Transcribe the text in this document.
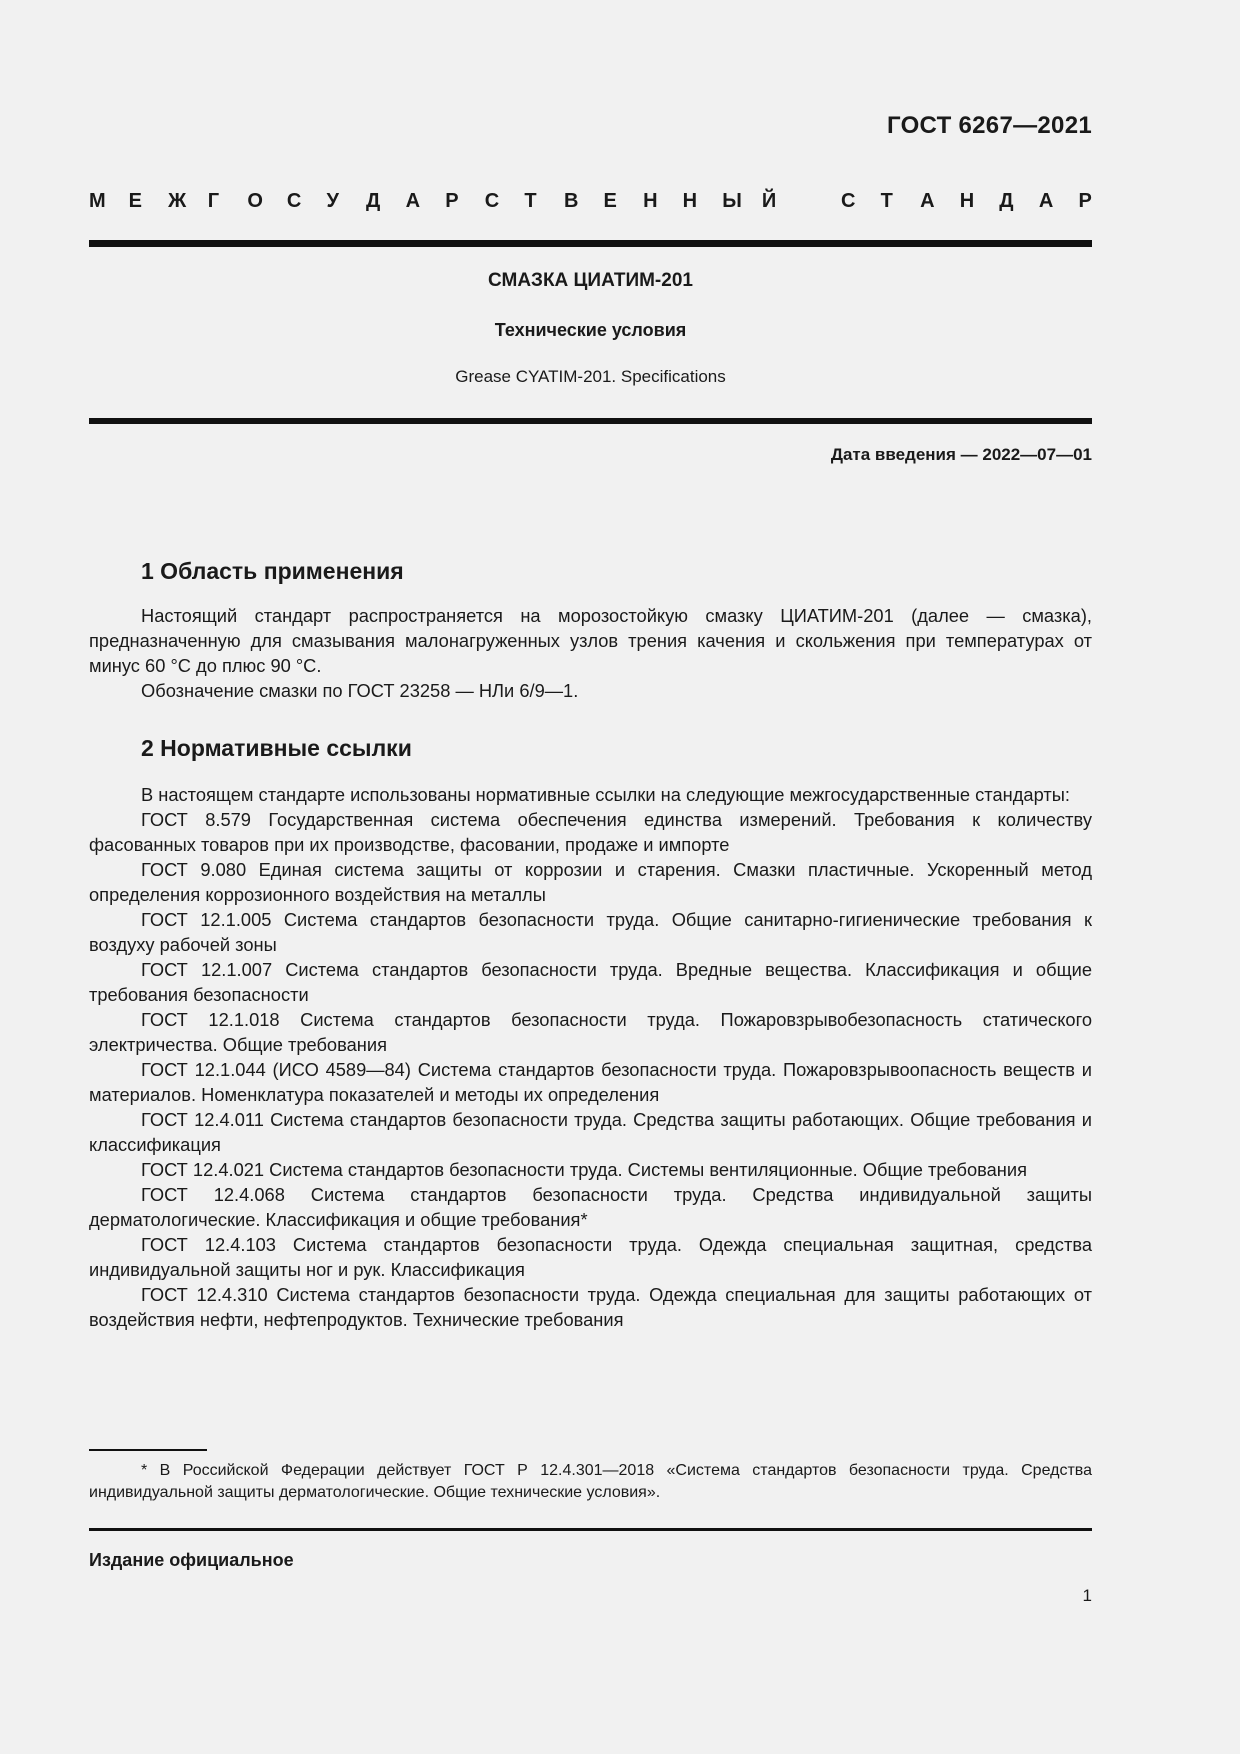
ГОСТ 6267—2021
М	Е	Ж	Г	О	С	У	Д	А	Р	С	Т	В	Е	Н	Н	Ы Й	С	Т	А	Н	Д	А	Р
СМАЗКА ЦИАТИМ-201
Технические условия
Grease CYATIM-201. Specifications
Дата введения — 2022—07—01
1 Область применения

Настоящий стандарт распространяется на морозостойкую смазку ЦИАТИМ-201 (далее — смазка), предназначенную для смазывания малонагруженных узлов трения качения и скольжения при температурах от минус 60 °С до плюс 90 °С.

Обозначение смазки по ГОСТ 23258 — НЛи 6/9—1.

2 Нормативные ссылки

В настоящем стандарте использованы нормативные ссылки на следующие межгосударственные стандарты:

ГОСТ 8.579 Государственная система обеспечения единства измерений. Требования к количеству фасованных товаров при их производстве, фасовании, продаже и импорте

ГОСТ 9.080 Единая система защиты от коррозии и старения. Смазки пластичные. Ускоренный метод определения коррозионного воздействия на металлы

ГОСТ 12.1.005 Система стандартов безопасности труда. Общие санитарно-гигиенические требования к воздуху рабочей зоны

ГОСТ 12.1.007 Система стандартов безопасности труда. Вредные вещества. Классификация и общие требования безопасности

ГОСТ 12.1.018 Система стандартов безопасности труда. Пожаровзрывобезопасность статического электричества. Общие требования

ГОСТ 12.1.044 (ИСО 4589—84) Система стандартов безопасности труда. Пожаровзрывоопасность веществ и материалов. Номенклатура показателей и методы их определения

ГОСТ 12.4.011 Система стандартов безопасности труда. Средства защиты работающих. Общие требования и классификация

ГОСТ 12.4.021 Система стандартов безопасности труда. Системы вентиляционные. Общие требования

ГОСТ 12.4.068 Система стандартов безопасности труда. Средства индивидуальной защиты дерматологические. Классификация и общие требования*

ГОСТ 12.4.103 Система стандартов безопасности труда. Одежда специальная защитная, средства индивидуальной защиты ног и рук. Классификация

ГОСТ 12.4.310 Система стандартов безопасности труда. Одежда специальная для защиты работающих от воздействия нефти, нефтепродуктов. Технические требования

* В Российской Федерации действует ГОСТ Р 12.4.301—2018 «Система стандартов безопасности труда. Средства индивидуальной защиты дерматологические. Общие технические условия».
Издание официальное
1
